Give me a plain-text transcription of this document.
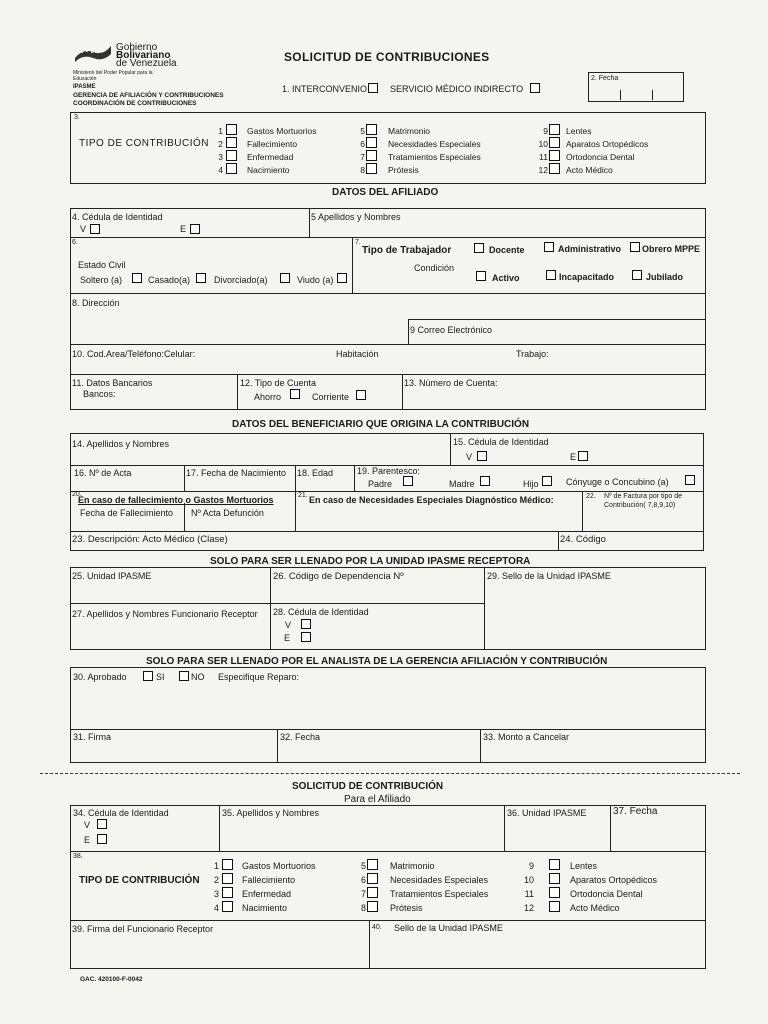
Gobierno
Bolivariano
de Venezuela
Ministerio del Poder Popular para la Educación
IPASME
GERENCIA DE AFILIACIÓN Y CONTRIBUCIONES
COORDINACIÓN DE CONTRIBUCIONES
SOLICITUD DE CONTRIBUCIONES
1. INTERCONVENIO	SERVICIO MÉDICO INDIRECTO
2. Fecha
3.
TIPO DE CONTRIBUCIÓN
1	Gastos Mortuorios
2	Fallecimiento
3	Enfermedad
4	Nacimiento
5	Matrimonio
6	Necesidades Especiales
7	Tratamientos Especiales
8	Prótesis
9 Lentes
10 Aparatos Ortopédicos
11 Ortodoncia Dental
12 Acto Médico
DATOS DEL AFILIADO
4. Cédula de Identidad
V	E
5 Apellidos y Nombres
6.
Estado Civil
Soltero (a)	Casado(a)	Divorciado(a)	Viudo (a)
7.
Tipo de Trabajador	Docente	Administrativo Obrero MPPE
Condición
Activo	Incapacitado	Jubilado
8. Dirección
9 Correo Electrónico
10. Cod.Area/Teléfono:Celular:	Habitación	Trabajo:
11. Datos Bancarios
Bancos:
12. Tipo de Cuenta
Ahorro	Corriente
13. Número de Cuenta:
DATOS DEL BENEFICIARIO QUE ORIGINA LA CONTRIBUCIÓN
14. Apellidos y Nombres	15. Cédula de Identidad
V	E
16. Nº de Acta	17. Fecha de Nacimiento 18. Edad	19. Parentesco:
Padre	Madre	Hijo	Cónyuge o Concubino (a)
20.
En caso de fallecimiento o Gastos Mortuorios
Fecha de Fallecimiento Nº Acta Defunción
21. En caso de Necesidades Especiales Diagnóstico Médico:	22. Nº de Factura por tipo de
Contribución( 7,8,9,10)
23. Descripción: Acto Médico (Clase)	24. Código
SOLO PARA SER LLENADO POR LA UNIDAD IPASME RECEPTORA
25. Unidad IPASME	26. Código de Dependencia Nº	29. Sello de la Unidad IPASME
27. Apellidos y Nombres Funcionario Receptor 28. Cédula de Identidad
V
E
SOLO PARA SER LLENADO POR EL ANALISTA DE LA GERENCIA AFILIACIÓN Y CONTRIBUCIÓN
30. Aprobado	SI	NO Especifique Reparo:
31. Firma	32. Fecha	33. Monto a Cancelar
SOLICITUD DE CONTRIBUCIÓN
Para el Afiliado
34. Cédula de Identidad
V
E
35. Apellidos y Nombres	36. Unidad IPASME	37. Fecha
38.
TIPO DE CONTRIBUCIÓN
1	Gastos Mortuorios
2	Fallecimiento
3	Enfermedad
4	Nacimiento
5	Matrimonio
6	Necesidades Especiales
7	Tratamientos Especiales
8	Prótesis
9	Lentes
10	Aparatos Ortopédicos
11	Ortodoncia Dental
12	Acto Médico
39. Firma del Funcionario Receptor	40. Sello de la Unidad IPASME
GAC. 420100-F-0042
